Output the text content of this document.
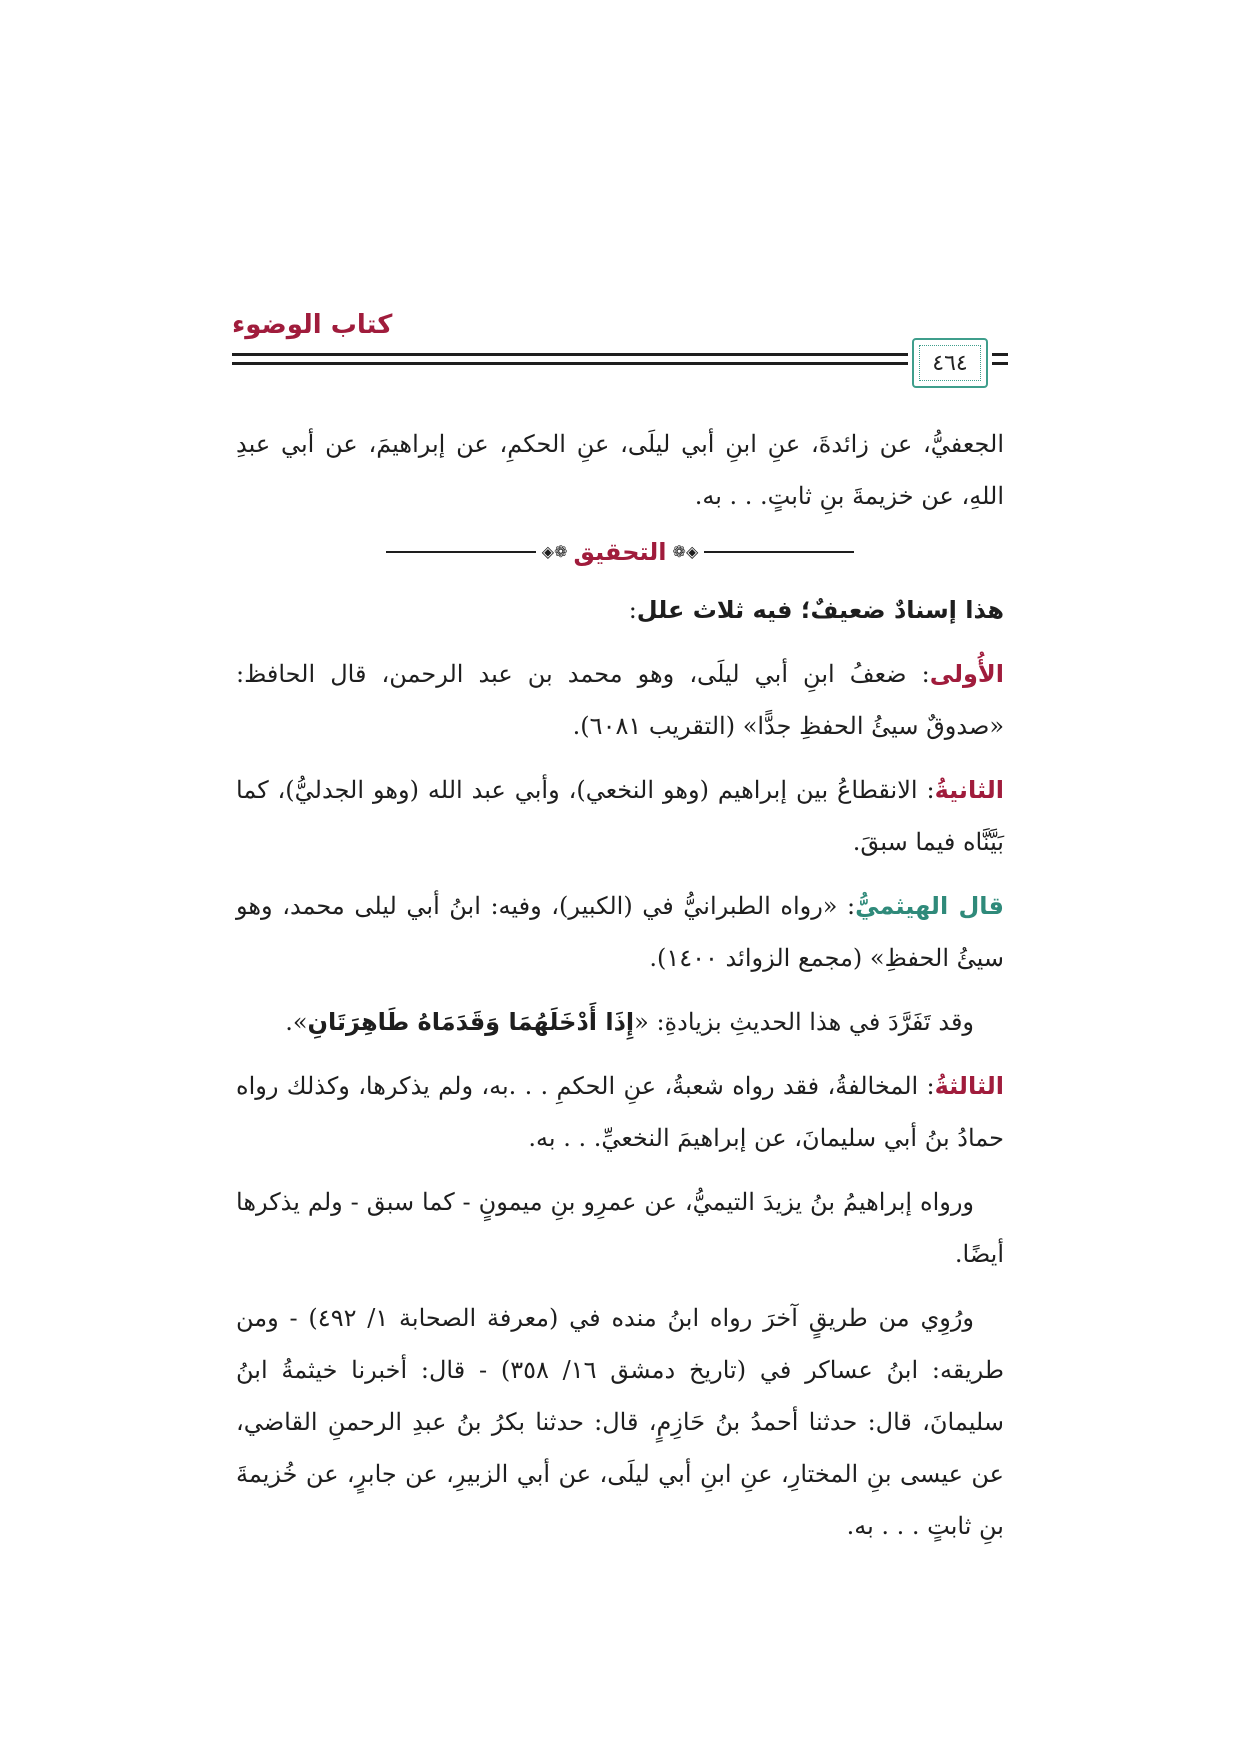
كتاب الوضوء
٤٦٤

الجعفيُّ، عن زائدةَ، عنِ ابنِ أبي ليلَى، عنِ الحكمِ، عن إبراهيمَ، عن أبي عبدِ اللهِ، عن خزيمةَ بنِ ثابتٍ. . . به.

◈❁
التحقيق
❁◈

هذا إسنادٌ ضعيفٌ؛ فيه ثلاث علل:

الأُولى: ضعفُ ابنِ أبي ليلَى، وهو محمد بن عبد الرحمن، قال الحافظ: «صدوقٌ سيئُ الحفظِ جدًّا» (التقريب ٦٠٨١).

الثانيةُ: الانقطاعُ بين إبراهيم (وهو النخعي)، وأبي عبد الله (وهو الجدليُّ)، كما بَيَّنَّاه فيما سبقَ.

قال الهيثميُّ: «رواه الطبرانيُّ في (الكبير)، وفيه: ابنُ أبي ليلى محمد، وهو سيئُ الحفظِ» (مجمع الزوائد ١٤٠٠).

وقد تَفَرَّدَ في هذا الحديثِ بزيادةِ: «إِذَا أَدْخَلَهُمَا وَقَدَمَاهُ طَاهِرَتَانِ».

الثالثةُ: المخالفةُ، فقد رواه شعبةُ، عنِ الحكمِ . . .به، ولم يذكرها، وكذلك رواه حمادُ بنُ أبي سليمانَ، عن إبراهيمَ النخعيِّ. . . به.

ورواه إبراهيمُ بنُ يزيدَ التيميُّ، عن عمرِو بنِ ميمونٍ - كما سبق - ولم يذكرها أيضًا.

ورُوِي من طريقٍ آخرَ رواه ابنُ منده في (معرفة الصحابة ١/ ٤٩٢) - ومن طريقه: ابنُ عساكر في (تاريخ دمشق ١٦/ ٣٥٨) - قال: أخبرنا خيثمةُ ابنُ سليمانَ، قال: حدثنا أحمدُ بنُ حَازِمٍ، قال: حدثنا بكرُ بنُ عبدِ الرحمنِ القاضي، عن عيسى بنِ المختارِ، عنِ ابنِ أبي ليلَى، عن أبي الزبيرِ، عن جابرٍ، عن خُزيمةَ بنِ ثابتٍ . . . به.
